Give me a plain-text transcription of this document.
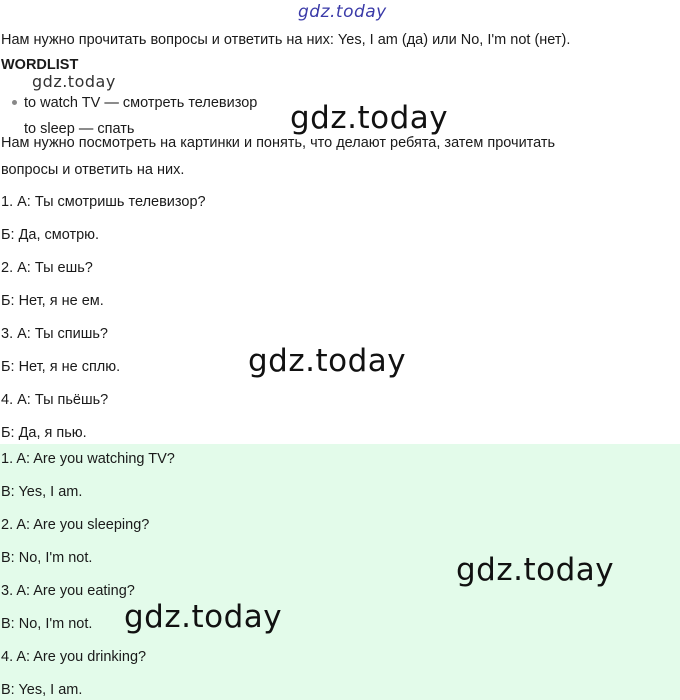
gdz.today
Нам нужно прочитать вопросы и ответить на них: Yes, I am (да) или No, I'm not (нет).
WORDLIST
gdz.today
to watch TV — смотреть телевизор
to sleep — спать	gdz.today
Нам нужно посмотреть на картинки и понять, что делают ребята, затем прочитать
вопросы и ответить на них.
1. А: Ты смотришь телевизор?
Б: Да, смотрю.
2. А: Ты ешь?
Б: Нет, я не ем.
3. А: Ты спишь?
Б: Нет, я не сплю.
4. А: Ты пьёшь?
Б: Да, я пью.
gdz.today
1. A: Are you watching TV?
B: Yes, I am.
2. A: Are you sleeping?
B: No, I'm not.
3. A: Are you eating?
B: No, I'm not.
4. A: Are you drinking?
B: Yes, I am.
gdz.today
gdz.today
